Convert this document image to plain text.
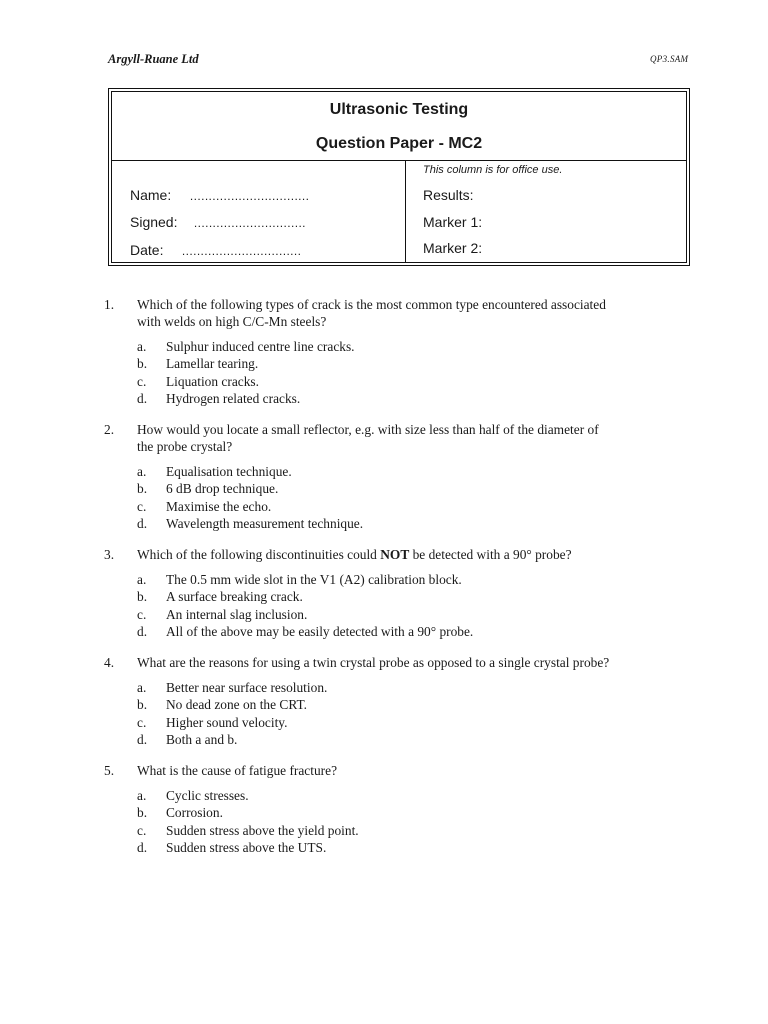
Argyll-Ruane Ltd	QP3.SAM
Ultrasonic Testing
Question Paper - MC2
This column is for office use.
Name: ................................
Signed: ..............................
Date: ................................
Results:
Marker 1:
Marker 2:
1.	Which of the following types of crack is the most common type encountered associated
with welds on high C/C-Mn steels?
a.	Sulphur induced centre line cracks.
b.	Lamellar tearing.
c.	Liquation cracks.
d.	Hydrogen related cracks.
2.	How would you locate a small reflector, e.g. with size less than half of the diameter of
the probe crystal?
a.	Equalisation technique.
b.	6 dB drop technique.
c.	Maximise the echo.
d.	Wavelength measurement technique.
3.	Which of the following discontinuities could NOT be detected with a 90° probe?
a.	The 0.5 mm wide slot in the V1 (A2) calibration block.
b.	A surface breaking crack.
c.	An internal slag inclusion.
d.	All of the above may be easily detected with a 90° probe.
4.	What are the reasons for using a twin crystal probe as opposed to a single crystal probe?
a.	Better near surface resolution.
b.	No dead zone on the CRT.
c.	Higher sound velocity.
d.	Both a and b.
5.	What is the cause of fatigue fracture?
a.	Cyclic stresses.
b.	Corrosion.
c.	Sudden stress above the yield point.
d.	Sudden stress above the UTS.
